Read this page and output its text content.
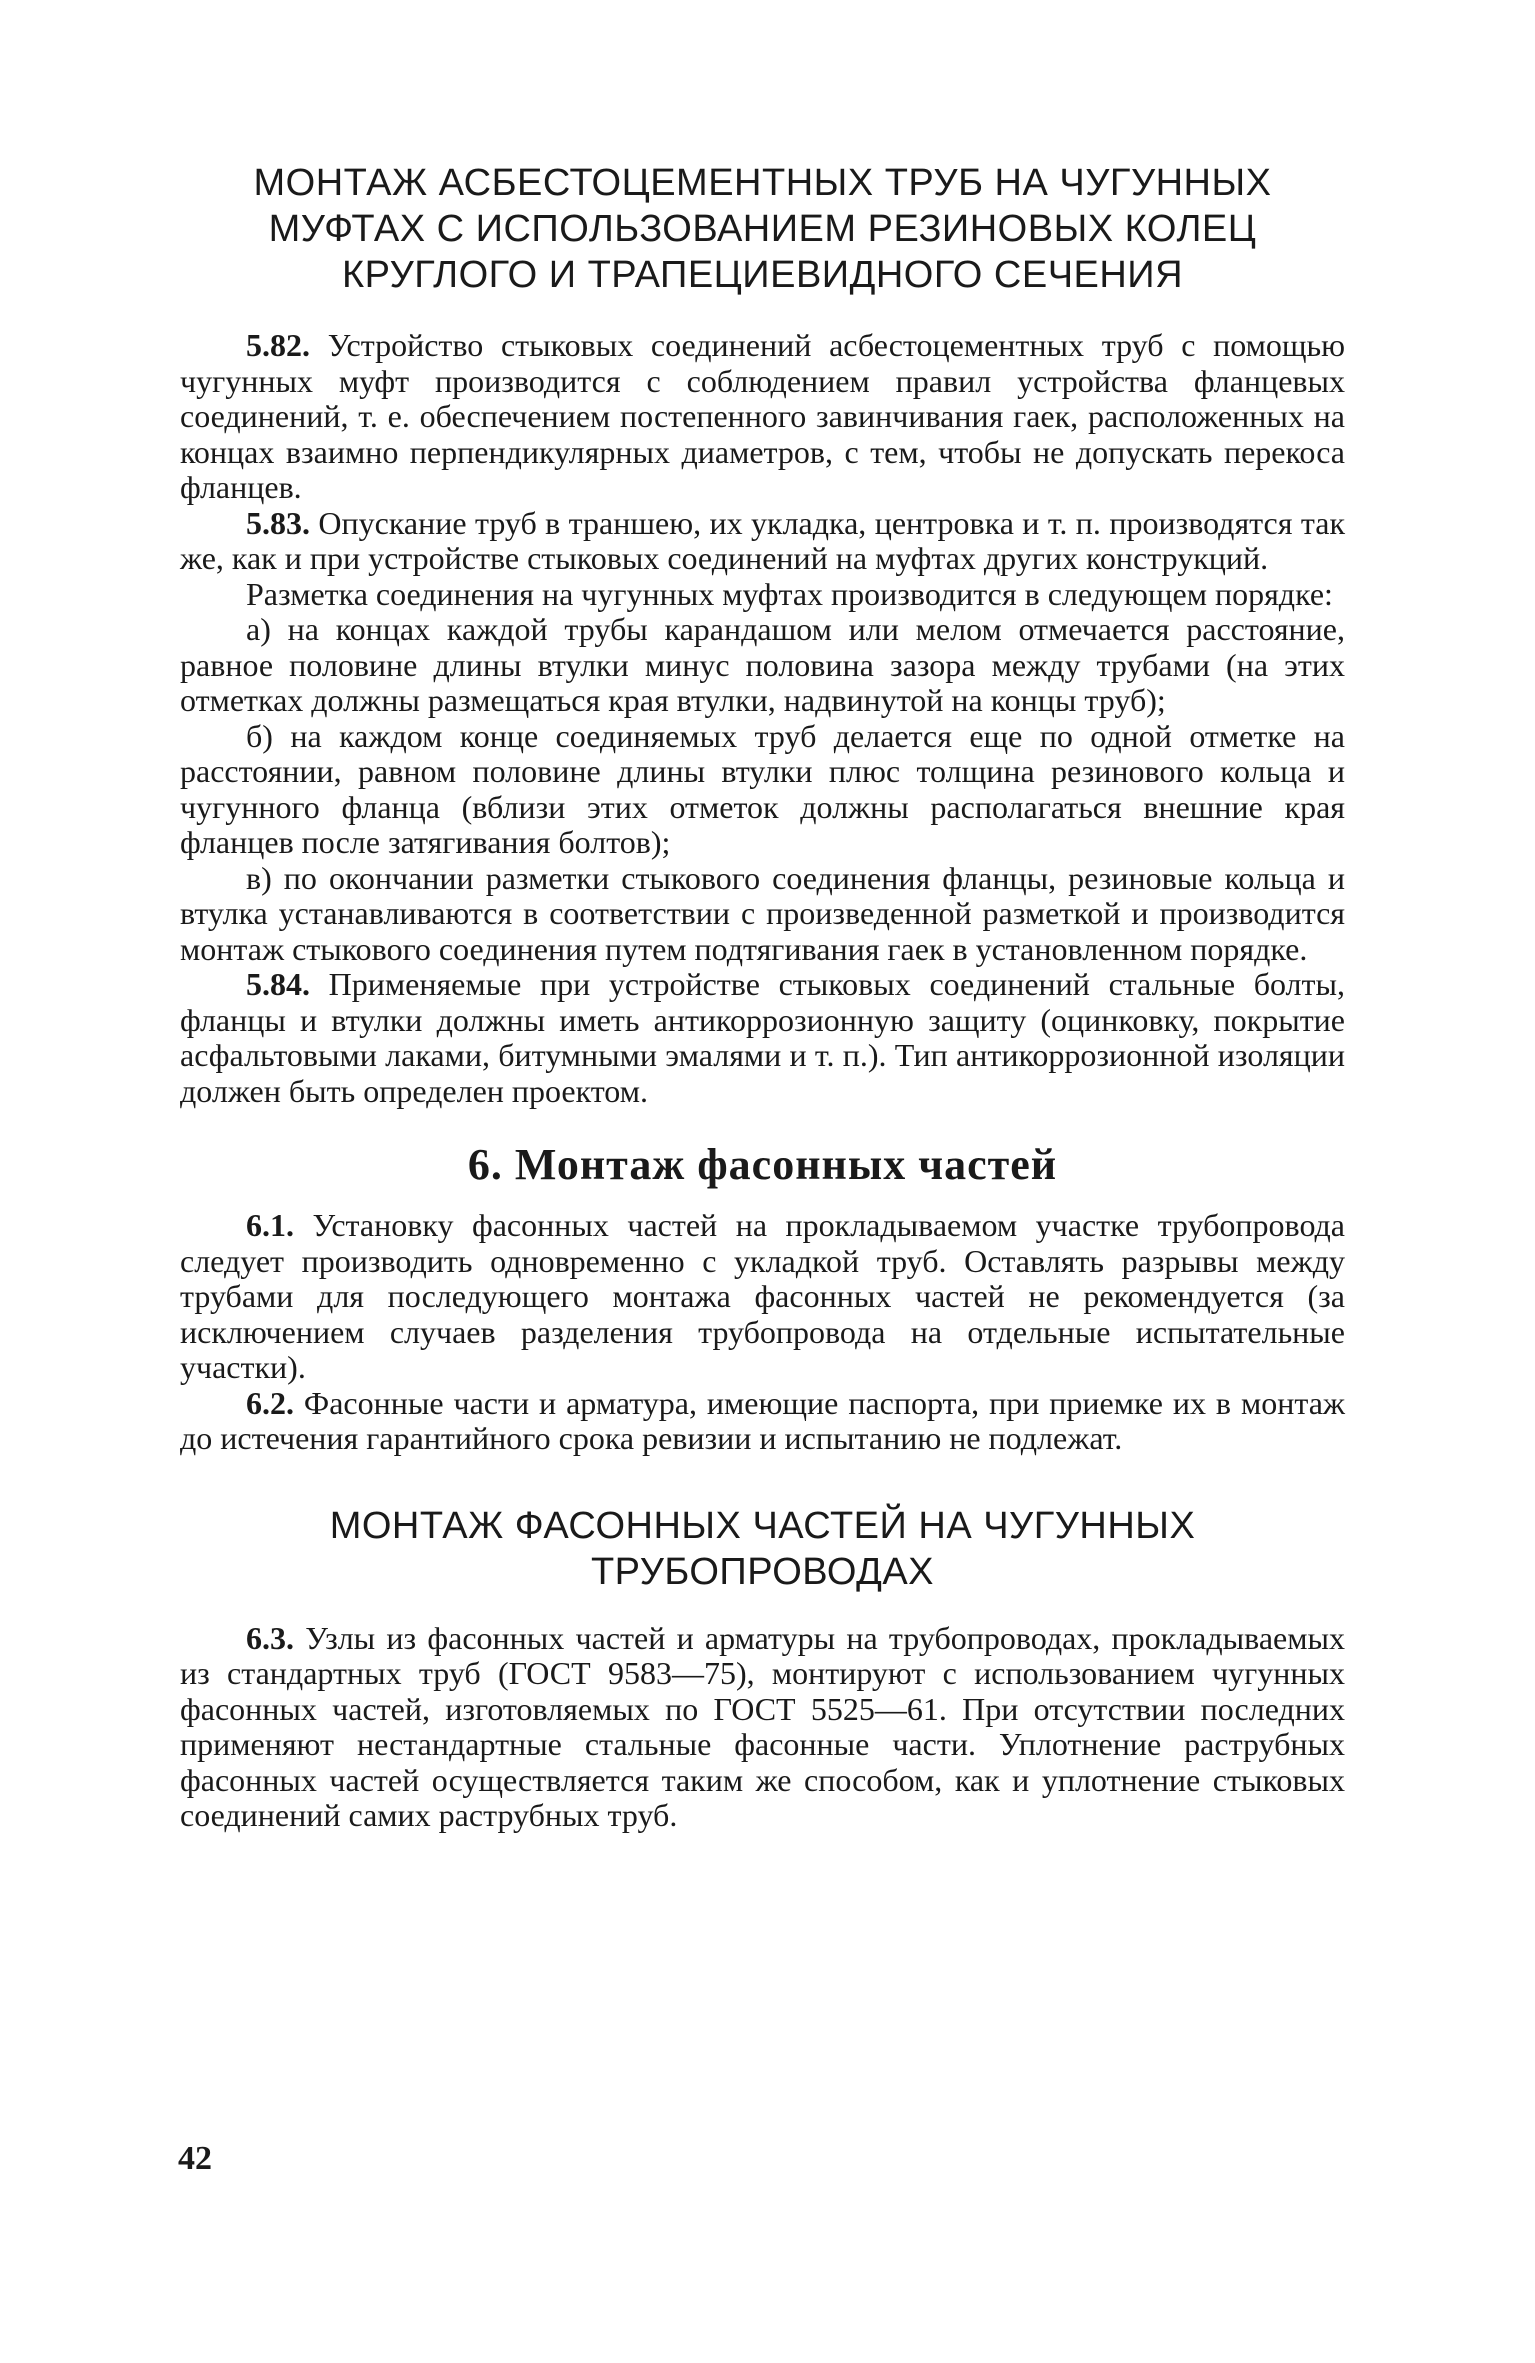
МОНТАЖ АСБЕСТОЦЕМЕНТНЫХ ТРУБ НА ЧУГУННЫХ
МУФТАХ С ИСПОЛЬЗОВАНИЕМ РЕЗИНОВЫХ КОЛЕЦ
КРУГЛОГО И ТРАПЕЦИЕВИДНОГО СЕЧЕНИЯ

5.82. Устройство стыковых соединений асбестоцементных труб с помощью чугунных муфт производится с соблюдением правил устройства фланцевых соединений, т. е. обеспечением постепенного завинчивания гаек, расположенных на концах взаимно перпендикулярных диаметров, с тем, чтобы не допускать перекоса фланцев.

5.83. Опускание труб в траншею, их укладка, центровка и т. п. производятся так же, как и при устройстве стыковых соединений на муфтах других конструкций.

Разметка соединения на чугунных муфтах производится в следующем порядке:

а) на концах каждой трубы карандашом или мелом отмечается расстояние, равное половине длины втулки минус половина зазора между трубами (на этих отметках должны размещаться края втулки, надвинутой на концы труб);

б) на каждом конце соединяемых труб делается еще по одной отметке на расстоянии, равном половине длины втулки плюс толщина резинового кольца и чугунного фланца (вблизи этих отметок должны располагаться внешние края фланцев после затягивания болтов);

в) по окончании разметки стыкового соединения фланцы, резиновые кольца и втулка устанавливаются в соответствии с произведенной разметкой и производится монтаж стыкового соединения путем подтягивания гаек в установленном порядке.

5.84. Применяемые при устройстве стыковых соединений стальные болты, фланцы и втулки должны иметь антикоррозионную защиту (оцинковку, покрытие асфальтовыми лаками, битумными эмалями и т. п.). Тип антикоррозионной изоляции должен быть определен проектом.

6. Монтаж фасонных частей

6.1. Установку фасонных частей на прокладываемом участке трубопровода следует производить одновременно с укладкой труб. Оставлять разрывы между трубами для последующего монтажа фасонных частей не рекомендуется (за исключением случаев разделения трубопровода на отдельные испытательные участки).

6.2. Фасонные части и арматура, имеющие паспорта, при приемке их в монтаж до истечения гарантийного срока ревизии и испытанию не подлежат.

МОНТАЖ ФАСОННЫХ ЧАСТЕЙ НА ЧУГУННЫХ
ТРУБОПРОВОДАХ

6.3. Узлы из фасонных частей и арматуры на трубопроводах, прокладываемых из стандартных труб (ГОСТ 9583—75), монтируют с использованием чугунных фасонных частей, изготовляемых по ГОСТ 5525—61. При отсутствии последних применяют нестандартные стальные фасонные части. Уплотнение раструбных фасонных частей осуществляется таким же способом, как и уплотнение стыковых соединений самих раструбных труб.

42
